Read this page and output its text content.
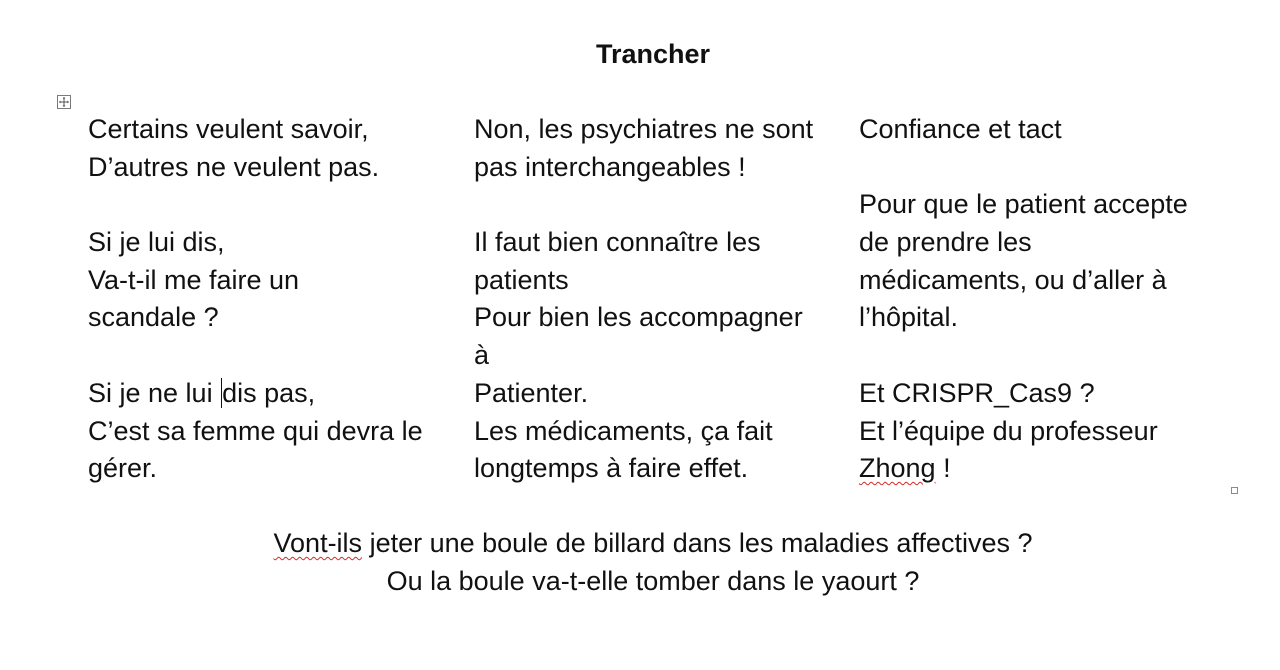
Trancher
Certains veulent savoir,
D’autres ne veulent pas.
Si je lui dis,
Va-t-il me faire un
scandale ?
Si je ne lui dis pas,
C’est sa femme qui devra le
gérer.
Non, les psychiatres ne sont
pas interchangeables !
Il faut bien connaître les
patients
Pour bien les accompagner
à
Patienter.
Les médicaments, ça fait
longtemps à faire effet.
Confiance et tact
Pour que le patient accepte
de prendre les
médicaments, ou d’aller à
l’hôpital.
Et CRISPR_Cas9 ?
Et l’équipe du professeur
Zhong !
Vont-ils jeter une boule de billard dans les maladies affectives ?
Ou la boule va-t-elle tomber dans le yaourt ?
